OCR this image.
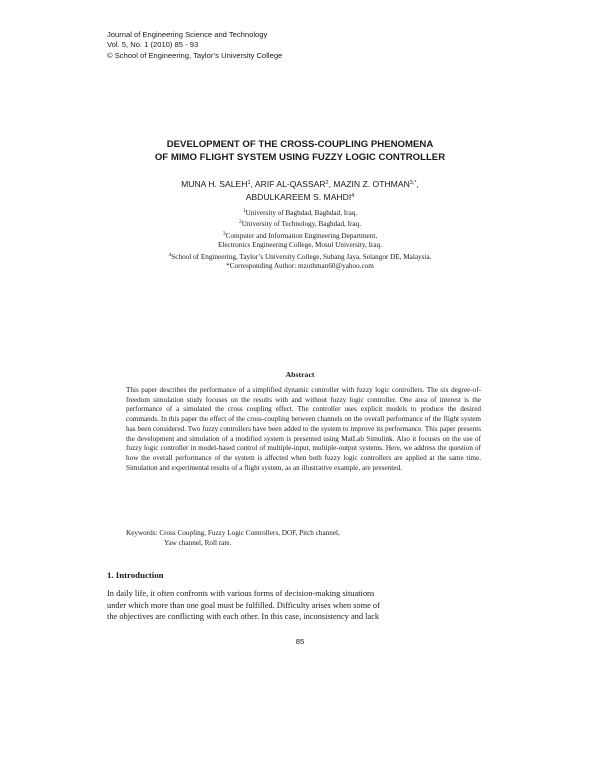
Journal of Engineering Science and Technology
Vol. 5, No. 1 (2010) 85 - 93
© School of Engineering, Taylor’s University College
DEVELOPMENT OF THE CROSS-COUPLING PHENOMENA
OF MIMO FLIGHT SYSTEM USING FUZZY LOGIC CONTROLLER
MUNA H. SALEH$^1$, ARIF AL-QASSAR$^2$, MAZIN Z. $OTHMAN^{3,*}$,
ABDULKAREEM S. MAHDI$^4$
$^1$University of Baghdad, Baghdad, Iraq.
$^2$University of Technology, Baghdad, Iraq.
$^3$Computer and Information Engineering Department,
Electronics Engineering College, Mosul University, Iraq.
$^4$School of Engineering, Taylor’s University College, Subang Jaya, Selangor DE, Malaysia.
*Corresponding Author: mzothman60@yahoo.com
Abstract
This paper describes the performance of a simplified dynamic controller with fuzzy logic controllers. The six degree-of-freedom simulation study focuses on the results with and without fuzzy logic controller. One area of interest is the performance of a simulated the cross coupling effect. The controller uses explicit models to produce the desired commands. In this paper the effect of the cross-coupling between channels on the overall performance of the flight system has been considered. Two fuzzy controllers have been added to the system to improve its performance. This paper presents the development and simulation of a modified system is presented using MatLab Simulink. Also it focuses on the use of fuzzy logic controller in model-based control of multiple-input, multiple-output systems. Here, we address the question of how the overall performance of the system is affected when both fuzzy logic controllers are applied at the same time. Simulation and experimental results of a flight system, as an illustrative example, are presented.
Keywords: Cross Coupling, Fuzzy Logic Controllers, DOF, Pitch channel,
Yaw channel, Roll rate.
1. Introduction
In daily life, it often confronts with various forms of decision-making situations
under which more than one goal must be fulfilled. Difficulty arises when some of
the objectives are conflicting with each other. In this case, inconsistency and lack
85
